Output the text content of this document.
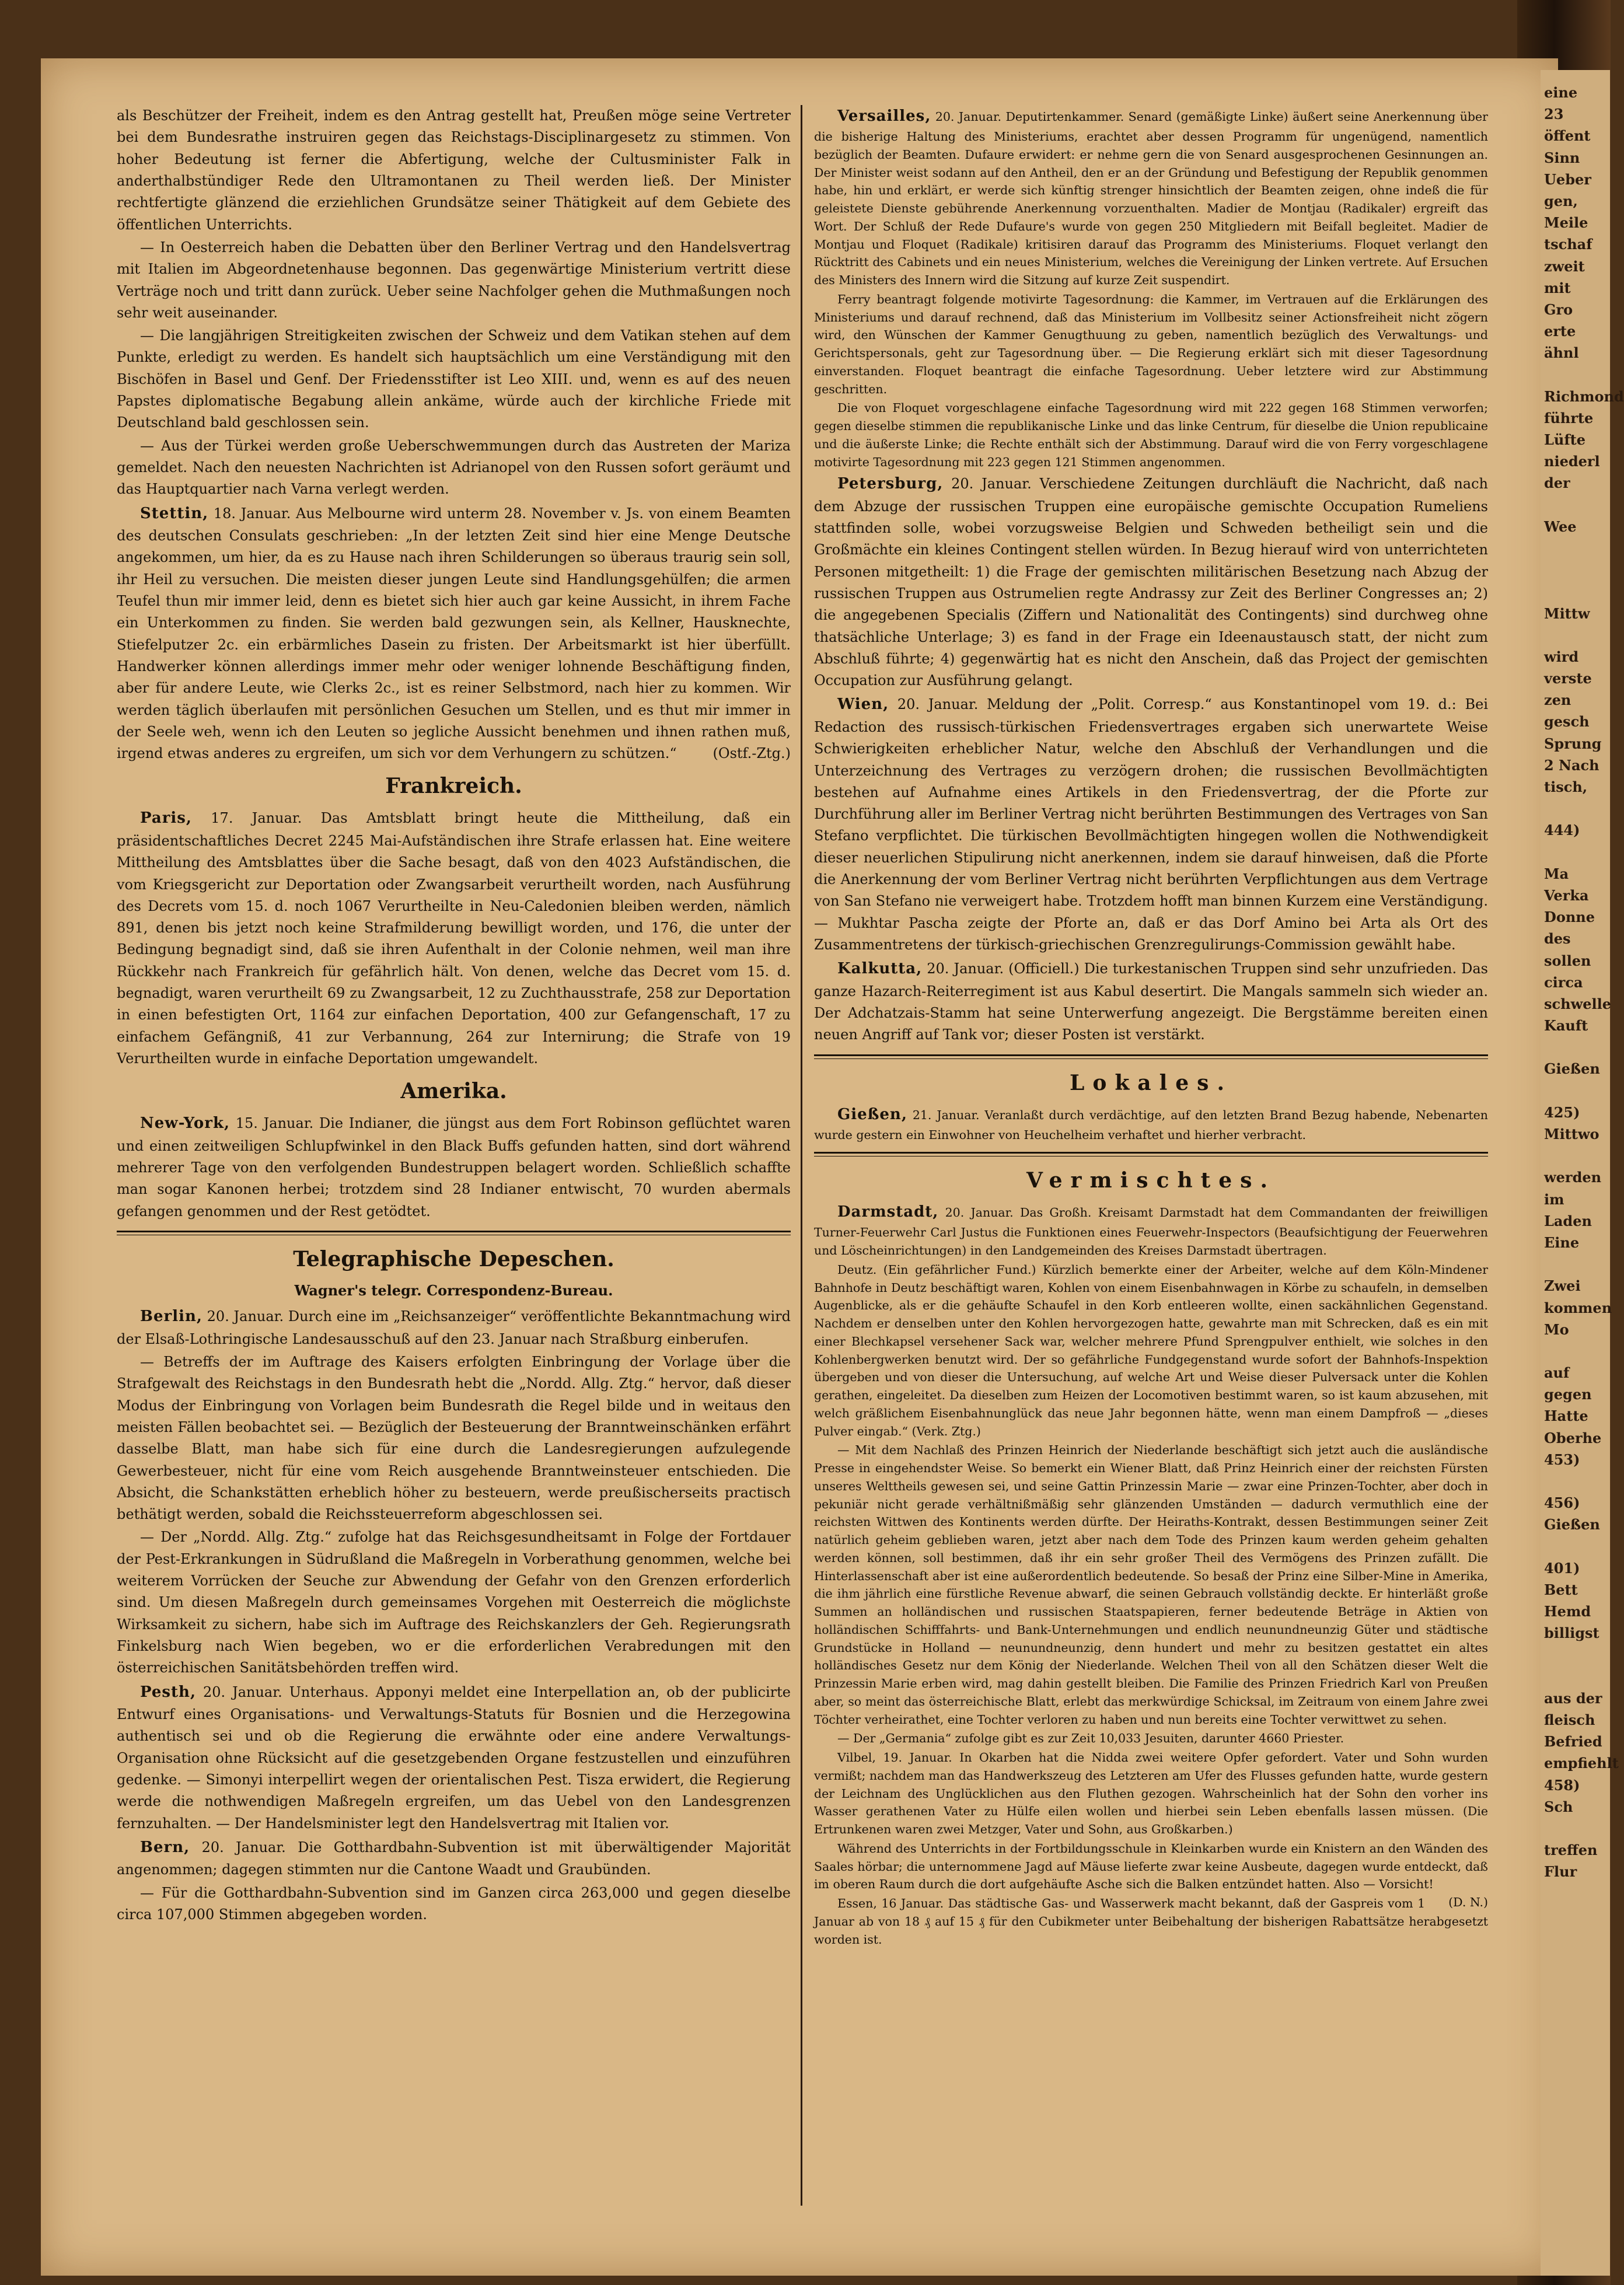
eine
23
öffent
Sinn
Ueber
gen,
Meile
tschaf
zweit
mit
Gro
erte
ähnl

Richmond
führte
Lüfte
niederl
der

Wee

Mittw

wird
verste
zen
gesch
Sprung
2 Nach
tisch,

444)

Ma
Verka
Donne
des
sollen
circa
schwelle
Kauft

Gießen

425)
Mittwo

werden
im
Laden
Eine

Zwei
kommen
Mo

auf
gegen
Hatte
Oberhe
453)

456)
Gießen

401)
Bett
Hemd
billigst

aus der
fleisch
Befried
empfiehlt
458)
Sch

treffen
Flur

als Beschützer der Freiheit, indem es den Antrag gestellt hat, Preußen möge seine Vertreter bei dem Bundesrathe instruiren gegen das Reichstags-Disciplinargesetz zu stimmen. Von hoher Bedeutung ist ferner die Abfertigung, welche der Cultusminister Falk in anderthalbstündiger Rede den Ultramontanen zu Theil werden ließ. Der Minister rechtfertigte glänzend die erziehlichen Grundsätze seiner Thätigkeit auf dem Gebiete des öffentlichen Unterrichts.

— In Oesterreich haben die Debatten über den Berliner Vertrag und den Handelsvertrag mit Italien im Abgeordnetenhause begonnen. Das gegenwärtige Ministerium vertritt diese Verträge noch und tritt dann zurück. Ueber seine Nachfolger gehen die Muthmaßungen noch sehr weit auseinander.

— Die langjährigen Streitigkeiten zwischen der Schweiz und dem Vatikan stehen auf dem Punkte, erledigt zu werden. Es handelt sich hauptsächlich um eine Verständigung mit den Bischöfen in Basel und Genf. Der Friedensstifter ist Leo XIII. und, wenn es auf des neuen Papstes diplomatische Begabung allein ankäme, würde auch der kirchliche Friede mit Deutschland bald geschlossen sein.

— Aus der Türkei werden große Ueberschwemmungen durch das Austreten der Mariza gemeldet. Nach den neuesten Nachrichten ist Adrianopel von den Russen sofort geräumt und das Hauptquartier nach Varna verlegt werden.

Stettin, 18. Januar. Aus Melbourne wird unterm 28. November v. Js. von einem Beamten des deutschen Consulats geschrieben: „In der letzten Zeit sind hier eine Menge Deutsche angekommen, um hier, da es zu Hause nach ihren Schilderungen so überaus traurig sein soll, ihr Heil zu versuchen. Die meisten dieser jungen Leute sind Handlungsgehülfen; die armen Teufel thun mir immer leid, denn es bietet sich hier auch gar keine Aussicht, in ihrem Fache ein Unterkommen zu finden. Sie werden bald gezwungen sein, als Kellner, Hausknechte, Stiefelputzer 2c. ein erbärmliches Dasein zu fristen. Der Arbeitsmarkt ist hier überfüllt. Handwerker können allerdings immer mehr oder weniger lohnende Beschäftigung finden, aber für andere Leute, wie Clerks 2c., ist es reiner Selbstmord, nach hier zu kommen. Wir werden täglich überlaufen mit persönlichen Gesuchen um Stellen, und es thut mir immer in der Seele weh, wenn ich den Leuten so jegliche Aussicht benehmen und ihnen rathen muß, irgend etwas anderes zu ergreifen, um sich vor dem Verhungern zu schützen.“	(Ostf.-Ztg.)

Frankreich.

Paris, 17. Januar. Das Amtsblatt bringt heute die Mittheilung, daß ein präsidentschaftliches Decret 2245 Mai-Aufständischen ihre Strafe erlassen hat. Eine weitere Mittheilung des Amtsblattes über die Sache besagt, daß von den 4023 Aufständischen, die vom Kriegsgericht zur Deportation oder Zwangsarbeit verurtheilt worden, nach Ausführung des Decrets vom 15. d. noch 1067 Verurtheilte in Neu-Caledonien bleiben werden, nämlich 891, denen bis jetzt noch keine Strafmilderung bewilligt worden, und 176, die unter der Bedingung begnadigt sind, daß sie ihren Aufenthalt in der Colonie nehmen, weil man ihre Rückkehr nach Frankreich für gefährlich hält. Von denen, welche das Decret vom 15. d. begnadigt, waren verurtheilt 69 zu Zwangsarbeit, 12 zu Zuchthausstrafe, 258 zur Deportation in einen befestigten Ort, 1164 zur einfachen Deportation, 400 zur Gefangenschaft, 17 zu einfachem Gefängniß, 41 zur Verbannung, 264 zur Internirung; die Strafe von 19 Verurtheilten wurde in einfache Deportation umgewandelt.

Amerika.

New-York, 15. Januar. Die Indianer, die jüngst aus dem Fort Robinson geflüchtet waren und einen zeitweiligen Schlupfwinkel in den Black Buffs gefunden hatten, sind dort während mehrerer Tage von den verfolgenden Bundestruppen belagert worden. Schließlich schaffte man sogar Kanonen herbei; trotzdem sind 28 Indianer entwischt, 70 wurden abermals gefangen genommen und der Rest getödtet.

Telegraphische Depeschen.
Wagner's telegr. Correspondenz-Bureau.

Berlin, 20. Januar. Durch eine im „Reichsanzeiger“ veröffentlichte Bekanntmachung wird der Elsaß-Lothringische Landesausschuß auf den 23. Januar nach Straßburg einberufen.

— Betreffs der im Auftrage des Kaisers erfolgten Einbringung der Vorlage über die Strafgewalt des Reichstags in den Bundesrath hebt die „Nordd. Allg. Ztg.“ hervor, daß dieser Modus der Einbringung von Vorlagen beim Bundesrath die Regel bilde und in weitaus den meisten Fällen beobachtet sei. — Bezüglich der Besteuerung der Branntweinschänken erfährt dasselbe Blatt, man habe sich für eine durch die Landesregierungen aufzulegende Gewerbesteuer, nicht für eine vom Reich ausgehende Branntweinsteuer entschieden. Die Absicht, die Schankstätten erheblich höher zu besteuern, werde preußischerseits practisch bethätigt werden, sobald die Reichssteuerreform abgeschlossen sei.

— Der „Nordd. Allg. Ztg.“ zufolge hat das Reichsgesundheitsamt in Folge der Fortdauer der Pest-Erkrankungen in Südrußland die Maßregeln in Vorberathung genommen, welche bei weiterem Vorrücken der Seuche zur Abwendung der Gefahr von den Grenzen erforderlich sind. Um diesen Maßregeln durch gemeinsames Vorgehen mit Oesterreich die möglichste Wirksamkeit zu sichern, habe sich im Auftrage des Reichskanzlers der Geh. Regierungsrath Finkelsburg nach Wien begeben, wo er die erforderlichen Verabredungen mit den österreichischen Sanitätsbehörden treffen wird.

Pesth, 20. Januar. Unterhaus. Apponyi meldet eine Interpellation an, ob der publicirte Entwurf eines Organisations- und Verwaltungs-Statuts für Bosnien und die Herzegowina authentisch sei und ob die Regierung die erwähnte oder eine andere Verwaltungs-Organisation ohne Rücksicht auf die gesetzgebenden Organe festzustellen und einzuführen gedenke. — Simonyi interpellirt wegen der orientalischen Pest. Tisza erwidert, die Regierung werde die nothwendigen Maßregeln ergreifen, um das Uebel von den Landesgrenzen fernzuhalten. — Der Handelsminister legt den Handelsvertrag mit Italien vor.

Bern, 20. Januar. Die Gotthardbahn-Subvention ist mit überwältigender Majorität angenommen; dagegen stimmten nur die Cantone Waadt und Graubünden.

— Für die Gotthardbahn-Subvention sind im Ganzen circa 263,000 und gegen dieselbe circa 107,000 Stimmen abgegeben worden.

Versailles, 20. Januar. Deputirtenkammer. Senard (gemäßigte Linke) äußert seine Anerkennung über die bisherige Haltung des Ministeriums, erachtet aber dessen Programm für ungenügend, namentlich bezüglich der Beamten. Dufaure erwidert: er nehme gern die von Senard ausgesprochenen Gesinnungen an. Der Minister weist sodann auf den Antheil, den er an der Gründung und Befestigung der Republik genommen habe, hin und erklärt, er werde sich künftig strenger hinsichtlich der Beamten zeigen, ohne indeß die für geleistete Dienste gebührende Anerkennung vorzuenthalten. Madier de Montjau (Radikaler) ergreift das Wort. Der Schluß der Rede Dufaure's wurde von gegen 250 Mitgliedern mit Beifall begleitet. Madier de Montjau und Floquet (Radikale) kritisiren darauf das Programm des Ministeriums. Floquet verlangt den Rücktritt des Cabinets und ein neues Ministerium, welches die Vereinigung der Linken vertrete. Auf Ersuchen des Ministers des Innern wird die Sitzung auf kurze Zeit suspendirt.

Ferry beantragt folgende motivirte Tagesordnung: die Kammer, im Vertrauen auf die Erklärungen des Ministeriums und darauf rechnend, daß das Ministerium im Vollbesitz seiner Actionsfreiheit nicht zögern wird, den Wünschen der Kammer Genugthuung zu geben, namentlich bezüglich des Verwaltungs- und Gerichtspersonals, geht zur Tagesordnung über. — Die Regierung erklärt sich mit dieser Tagesordnung einverstanden. Floquet beantragt die einfache Tagesordnung. Ueber letztere wird zur Abstimmung geschritten.

Die von Floquet vorgeschlagene einfache Tagesordnung wird mit 222 gegen 168 Stimmen verworfen; gegen dieselbe stimmen die republikanische Linke und das linke Centrum, für dieselbe die Union republicaine und die äußerste Linke; die Rechte enthält sich der Abstimmung. Darauf wird die von Ferry vorgeschlagene motivirte Tagesordnung mit 223 gegen 121 Stimmen angenommen.

Petersburg, 20. Januar. Verschiedene Zeitungen durchläuft die Nachricht, daß nach dem Abzuge der russischen Truppen eine europäische gemischte Occupation Rumeliens stattfinden solle, wobei vorzugsweise Belgien und Schweden betheiligt sein und die Großmächte ein kleines Contingent stellen würden. In Bezug hierauf wird von unterrichteten Personen mitgetheilt: 1) die Frage der gemischten militärischen Besetzung nach Abzug der russischen Truppen aus Ostrumelien regte Andrassy zur Zeit des Berliner Congresses an; 2) die angegebenen Specialis (Ziffern und Nationalität des Contingents) sind durchweg ohne thatsächliche Unterlage; 3) es fand in der Frage ein Ideenaustausch statt, der nicht zum Abschluß führte; 4) gegenwärtig hat es nicht den Anschein, daß das Project der gemischten Occupation zur Ausführung gelangt.

Wien, 20. Januar. Meldung der „Polit. Corresp.“ aus Konstantinopel vom 19. d.: Bei Redaction des russisch-türkischen Friedensvertrages ergaben sich unerwartete Weise Schwierigkeiten erheblicher Natur, welche den Abschluß der Verhandlungen und die Unterzeichnung des Vertrages zu verzögern drohen; die russischen Bevollmächtigten bestehen auf Aufnahme eines Artikels in den Friedensvertrag, der die Pforte zur Durchführung aller im Berliner Vertrag nicht berührten Bestimmungen des Vertrages von San Stefano verpflichtet. Die türkischen Bevollmächtigten hingegen wollen die Nothwendigkeit dieser neuerlichen Stipulirung nicht anerkennen, indem sie darauf hinweisen, daß die Pforte die Anerkennung der vom Berliner Vertrag nicht berührten Verpflichtungen aus dem Vertrage von San Stefano nie verweigert habe. Trotzdem hofft man binnen Kurzem eine Verständigung. — Mukhtar Pascha zeigte der Pforte an, daß er das Dorf Amino bei Arta als Ort des Zusammentretens der türkisch-griechischen Grenzregulirungs-Commission gewählt habe.

Kalkutta, 20. Januar. (Officiell.) Die turkestanischen Truppen sind sehr unzufrieden. Das ganze Hazarch-Reiterregiment ist aus Kabul desertirt. Die Mangals sammeln sich wieder an. Der Adchatzais-Stamm hat seine Unterwerfung angezeigt. Die Bergstämme bereiten einen neuen Angriff auf Tank vor; dieser Posten ist verstärkt.

Lokales.

Gießen, 21. Januar. Veranlaßt durch verdächtige, auf den letzten Brand Bezug habende, Nebenarten wurde gestern ein Einwohner von Heuchelheim verhaftet und hierher verbracht.

Vermischtes.

Darmstadt, 20. Januar. Das Großh. Kreisamt Darmstadt hat dem Commandanten der freiwilligen Turner-Feuerwehr Carl Justus die Funktionen eines Feuerwehr-Inspectors (Beaufsichtigung der Feuerwehren und Löscheinrichtungen) in den Landgemeinden des Kreises Darmstadt übertragen.

Deutz. (Ein gefährlicher Fund.) Kürzlich bemerkte einer der Arbeiter, welche auf dem Köln-Mindener Bahnhofe in Deutz beschäftigt waren, Kohlen von einem Eisenbahnwagen in Körbe zu schaufeln, in demselben Augenblicke, als er die gehäufte Schaufel in den Korb entleeren wollte, einen sackähnlichen Gegenstand. Nachdem er denselben unter den Kohlen hervorgezogen hatte, gewahrte man mit Schrecken, daß es ein mit einer Blechkapsel versehener Sack war, welcher mehrere Pfund Sprengpulver enthielt, wie solches in den Kohlenbergwerken benutzt wird. Der so gefährliche Fundgegenstand wurde sofort der Bahnhofs-Inspektion übergeben und von dieser die Untersuchung, auf welche Art und Weise dieser Pulversack unter die Kohlen gerathen, eingeleitet. Da dieselben zum Heizen der Locomotiven bestimmt waren, so ist kaum abzusehen, mit welch gräßlichem Eisenbahnunglück das neue Jahr begonnen hätte, wenn man einem Dampfroß — „dieses Pulver eingab.“ (Verk. Ztg.)

— Mit dem Nachlaß des Prinzen Heinrich der Niederlande beschäftigt sich jetzt auch die ausländische Presse in eingehendster Weise. So bemerkt ein Wiener Blatt, daß Prinz Heinrich einer der reichsten Fürsten unseres Welttheils gewesen sei, und seine Gattin Prinzessin Marie — zwar eine Prinzen-Tochter, aber doch in pekuniär nicht gerade verhältnißmäßig sehr glänzenden Umständen — dadurch vermuthlich eine der reichsten Wittwen des Kontinents werden dürfte. Der Heiraths-Kontrakt, dessen Bestimmungen seiner Zeit natürlich geheim geblieben waren, jetzt aber nach dem Tode des Prinzen kaum werden geheim gehalten werden können, soll bestimmen, daß ihr ein sehr großer Theil des Vermögens des Prinzen zufällt. Die Hinterlassenschaft aber ist eine außerordentlich bedeutende. So besaß der Prinz eine Silber-Mine in Amerika, die ihm jährlich eine fürstliche Revenue abwarf, die seinen Gebrauch vollständig deckte. Er hinterläßt große Summen an holländischen und russischen Staatspapieren, ferner bedeutende Beträge in Aktien von holländischen Schifffahrts- und Bank-Unternehmungen und endlich neunundneunzig Güter und städtische Grundstücke in Holland — neunundneunzig, denn hundert und mehr zu besitzen gestattet ein altes holländisches Gesetz nur dem König der Niederlande. Welchen Theil von all den Schätzen dieser Welt die Prinzessin Marie erben wird, mag dahin gestellt bleiben. Die Familie des Prinzen Friedrich Karl von Preußen aber, so meint das österreichische Blatt, erlebt das merkwürdige Schicksal, im Zeitraum von einem Jahre zwei Töchter verheirathet, eine Tochter verloren zu haben und nun bereits eine Tochter verwittwet zu sehen.

— Der „Germania“ zufolge gibt es zur Zeit 10,033 Jesuiten, darunter 4660 Priester.

Vilbel, 19. Januar. In Okarben hat die Nidda zwei weitere Opfer gefordert. Vater und Sohn wurden vermißt; nachdem man das Handwerkszeug des Letzteren am Ufer des Flusses gefunden hatte, wurde gestern der Leichnam des Unglücklichen aus den Fluthen gezogen. Wahrscheinlich hat der Sohn den vorher ins Wasser gerathenen Vater zu Hülfe eilen wollen und hierbei sein Leben ebenfalls lassen müssen. (Die Ertrunkenen waren zwei Metzger, Vater und Sohn, aus Großkarben.)

Während des Unterrichts in der Fortbildungsschule in Kleinkarben wurde ein Knistern an den Wänden des Saales hörbar; die unternommene Jagd auf Mäuse lieferte zwar keine Ausbeute, dagegen wurde entdeckt, daß im oberen Raum durch die dort aufgehäufte Asche sich die Balken entzündet hatten. Also — Vorsicht!
(D. N.)

Essen, 16 Januar. Das städtische Gas- und Wasserwerk macht bekannt, daß der Gaspreis vom 1 Januar ab von 18 ₰ auf 15 ₰ für den Cubikmeter unter Beibehaltung der bisherigen Rabattsätze herabgesetzt worden ist.
